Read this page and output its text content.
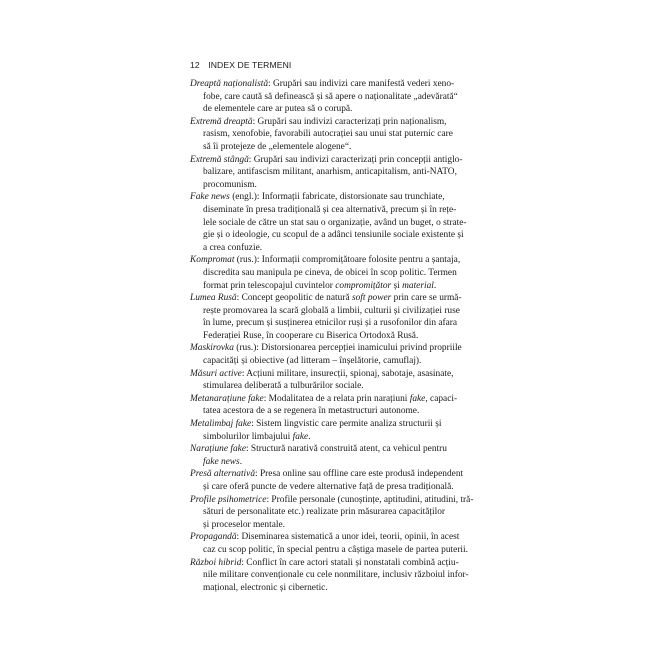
12 INDEX DE TERMENI

Dreaptă naționalistă: Grupări sau indivizi care manifestă vederi xeno-
fobe, care caută să definească și să apere o naționalitate „adevărată“
de elementele care ar putea să o corupă.

Extremă dreaptă: Grupări sau indivizi caracterizați prin naționalism,
rasism, xenofobie, favorabili autocrației sau unui stat puternic care
să îi protejeze de „elementele alogene“.

Extremă stângă: Grupări sau indivizi caracterizați prin concepții antiglo-
balizare, antifascism militant, anarhism, anticapitalism, anti-NATO,
procomunism.

Fake news (engl.): Informații fabricate, distorsionate sau trunchiate,
diseminate în presa tradițională și cea alternativă, precum și în rețe-
lele sociale de către un stat sau o organizație, având un buget, o strate-
gie și o ideologie, cu scopul de a adânci tensiunile sociale existente și
a crea confuzie.

Kompromat (rus.): Informații compromițătoare folosite pentru a șantaja,
discredita sau manipula pe cineva, de obicei în scop politic. Termen
format prin telescopajul cuvintelor compromițător și material.

Lumea Rusă: Concept geopolitic de natură soft power prin care se urmă-
rește promovarea la scară globală a limbii, culturii și civilizației ruse
în lume, precum și susținerea etnicilor ruși și a rusofonilor din afara
Federației Ruse, în cooperare cu Biserica Ortodoxă Rusă.

Maskirovka (rus.): Distorsionarea percepției inamicului privind propriile
capacități și obiective (ad litteram – înșelătorie, camuflaj).

Măsuri active: Acțiuni militare, insurecții, spionaj, sabotaje, asasinate,
stimularea deliberată a tulburărilor sociale.

Metanarațiune fake: Modalitatea de a relata prin narațiuni fake, capaci-
tatea acestora de a se regenera în metastructuri autonome.

Metalimbaj fake: Sistem lingvistic care permite analiza structurii și
simbolurilor limbajului fake.

Narațiune fake: Structură narativă construită atent, ca vehicul pentru
fake news.

Presă alternativă: Presa online sau offline care este produsă independent
și care oferă puncte de vedere alternative față de presa tradițională.

Profile psihometrice: Profile personale (cunoștințe, aptitudini, atitudini, tră-
sături de personalitate etc.) realizate prin măsurarea capacităților
și proceselor mentale.

Propagandă: Diseminarea sistematică a unor idei, teorii, opinii, în acest
caz cu scop politic, în special pentru a câștiga masele de partea puterii.

Război hibrid: Conflict în care actori statali și nonstatali combină acțiu-
nile militare convenționale cu cele nonmilitare, inclusiv războiul infor-
mațional, electronic și cibernetic.
